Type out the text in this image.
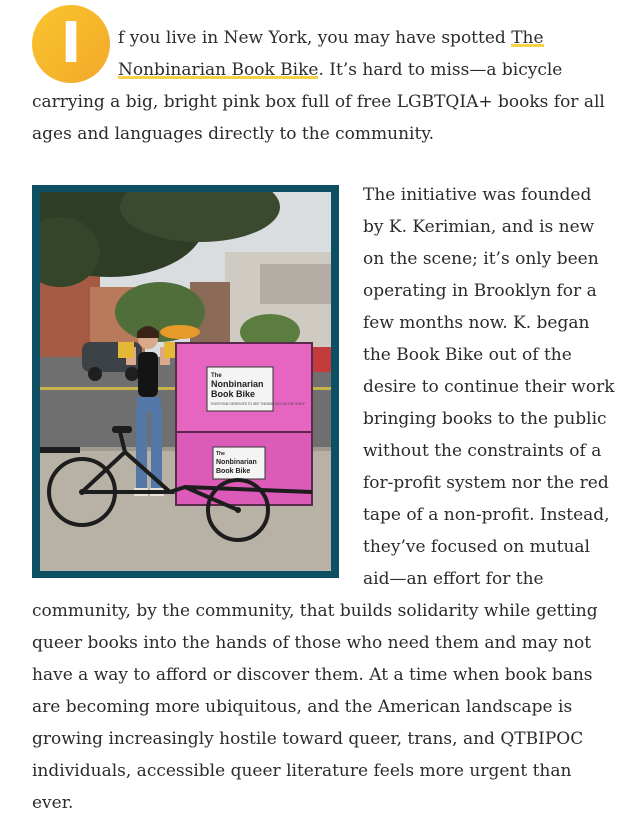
I	f you live in New York, you may have spotted The Nonbinarian Book Bike. It’s hard to miss—a bicycle carrying a big, bright pink box full of free LGBTQIA+ books for all ages and languages directly to the community.

The
Nonbinarian
Book Bike
EVERYONE DESERVES TO SEE THEMSELVES ON THE SHELF
The
Nonbinarian
Book Bike
The initiative was founded by K. Kerimian, and is new on the scene; it’s only been operating in Brooklyn for a few months now. K. began the Book Bike out of the desire to continue their work bringing books to the public without the constraints of a for-profit system nor the red tape of a non-profit. Instead, they’ve focused on mutual aid—an effort for the community, by the community, that builds solidarity while getting queer books into the hands of those who need them and may not have a way to afford or discover them. At a time when book bans are becoming more ubiquitous, and the American landscape is growing increasingly hostile toward queer, trans, and QTBIPOC individuals, accessible queer literature feels more urgent than ever.
